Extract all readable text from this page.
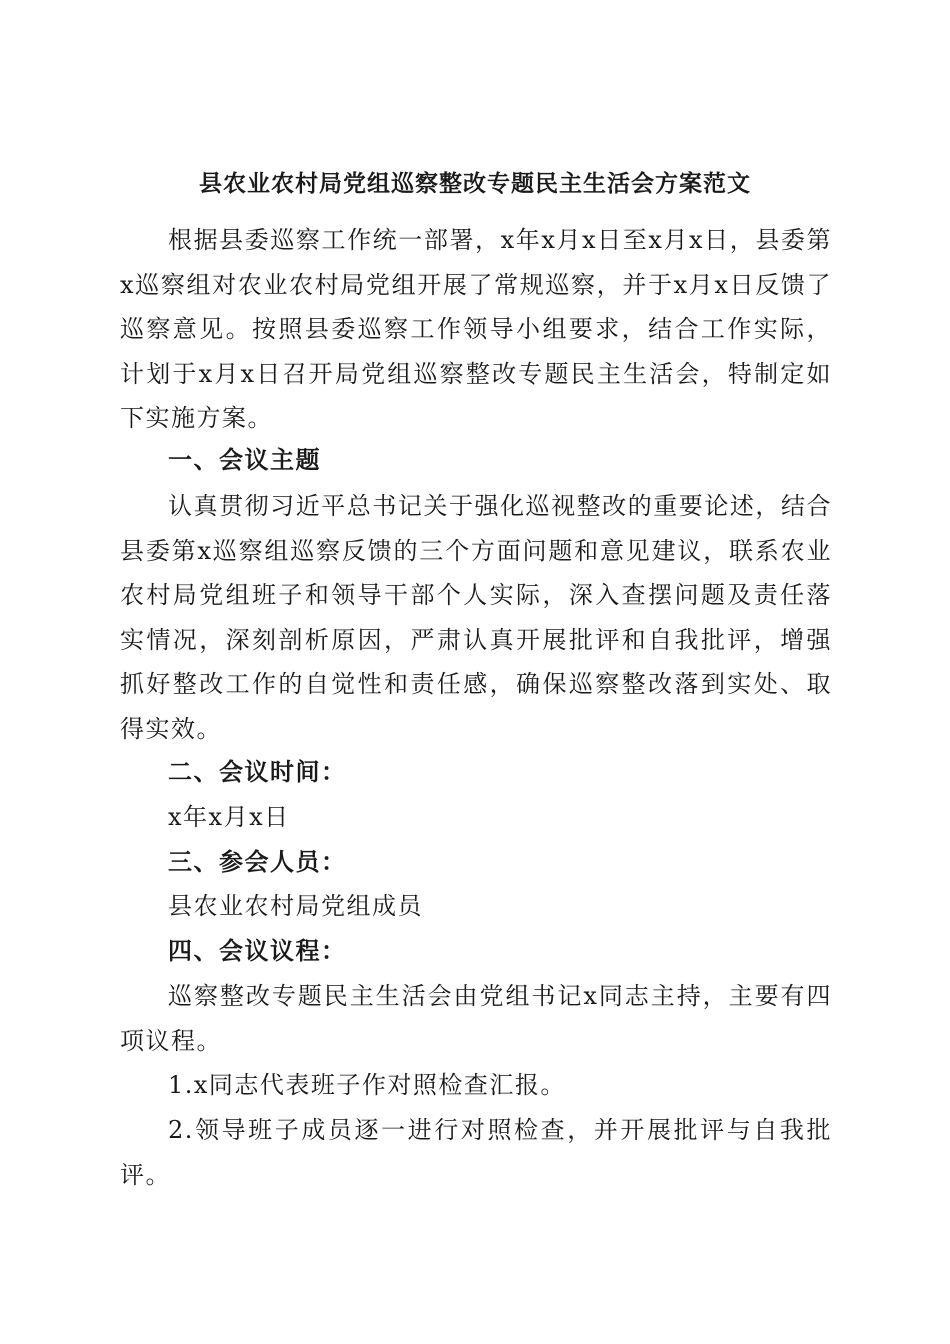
县农业农村局党组巡察整改专题民主生活会方案范文

根据县委巡察工作统一部署，x年x月x日至x月x日，县委第x巡察组对农业农村局党组开展了常规巡察，并于x月x日反馈了巡察意见。按照县委巡察工作领导小组要求，结合工作实际，计划于x月x日召开局党组巡察整改专题民主生活会，特制定如下实施方案。

一、会议主题

认真贯彻习近平总书记关于强化巡视整改的重要论述，结合县委第x巡察组巡察反馈的三个方面问题和意见建议，联系农业农村局党组班子和领导干部个人实际，深入查摆问题及责任落实情况，深刻剖析原因，严肃认真开展批评和自我批评，增强抓好整改工作的自觉性和责任感，确保巡察整改落到实处、取得实效。

二、会议时间：
x年x月x日
三、参会人员：
县农业农村局党组成员
四、会议议程：

巡察整改专题民主生活会由党组书记x同志主持，主要有四项议程。

1.x同志代表班子作对照检查汇报。

2.领导班子成员逐一进行对照检查，并开展批评与自我批评。
